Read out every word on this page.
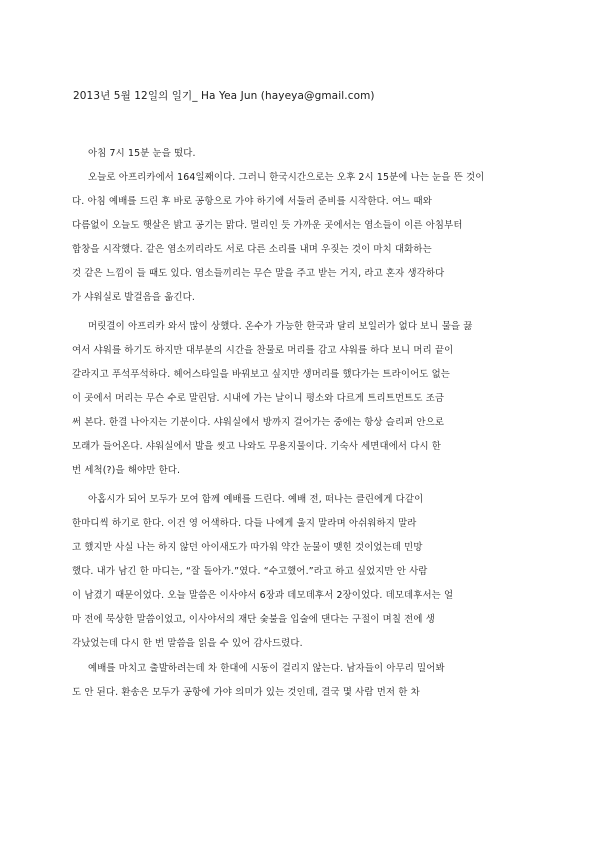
2013년 5월 12일의 일기_ Ha Yea Jun (hayeya@gmail.com)
아침 7시 15분 눈을 떴다.
오늘로 아프리카에서 164일째이다. 그러니 한국시간으로는 오후 2시 15분에 나는 눈을 뜬 것이
다. 아침 예배를 드린 후 바로 공항으로 가야 하기에 서둘러 준비를 시작한다. 여느 때와
다름없이 오늘도 햇살은 밝고 공기는 맑다. 멀리인 듯 가까운 곳에서는 염소들이 이른 아침부터
합창을 시작했다. 같은 염소끼리라도 서로 다른 소리를 내며 우짖는 것이 마치 대화하는
것 같은 느낌이 들 때도 있다. 염소들끼리는 무슨 말을 주고 받는 거지, 라고 혼자 생각하다
가 샤워실로 발걸음을 옮긴다.
머릿결이 아프리카 와서 많이 상했다. 온수가 가능한 한국과 달리 보일러가 없다 보니 물을 끓
여서 샤워를 하기도 하지만 대부분의 시간을 찬물로 머리를 감고 샤워를 하다 보니 머리 끝이
갈라지고 푸석푸석하다. 헤어스타일을 바꿔보고 싶지만 생머리를 했다가는 트라이어도 없는
이 곳에서 머리는 무슨 수로 말린담. 시내에 가는 날이니 평소와 다르게 트리트먼트도 조금
써 본다. 한결 나아지는 기분이다. 샤워실에서 방까지 걸어가는 중에는 항상 슬리퍼 안으로
모래가 들어온다. 샤워실에서 발을 씻고 나와도 무용지물이다. 기숙사 세면대에서 다시 한
번 세척(?)을 해야만 한다.
아홉시가 되어 모두가 모여 함께 예배를 드린다. 예배 전, 떠나는 클린에게 다같이
한마디씩 하기로 한다. 이건 영 어색하다. 다들 나에게 울지 말라며 아쉬워하지 말라
고 했지만 사실 나는 하지 않던 아이새도가 따가워 약간 눈물이 맺힌 것이었는데 민망
했다. 내가 남긴 한 마디는, “잘 돌아가.”였다. “수고했어.”라고 하고 싶었지만 안 사람
이 남겼기 때문이었다. 오늘 말씀은 이사야서 6장과 데모데후서 2장이었다. 데모데후서는 얼
마 전에 묵상한 말씀이었고, 이사야서의 재단 숯불을 입술에 댄다는 구절이 며칠 전에 생
각났었는데 다시 한 번 말씀을 읽을 수 있어 감사드렸다.
예배를 마치고 출발하려는데 차 한대에 시동이 걸리지 않는다. 남자들이 아무리 밀어봐
도 안 된다. 환송은 모두가 공항에 가야 의미가 있는 것인데, 결국 몇 사람 먼저 한 차
